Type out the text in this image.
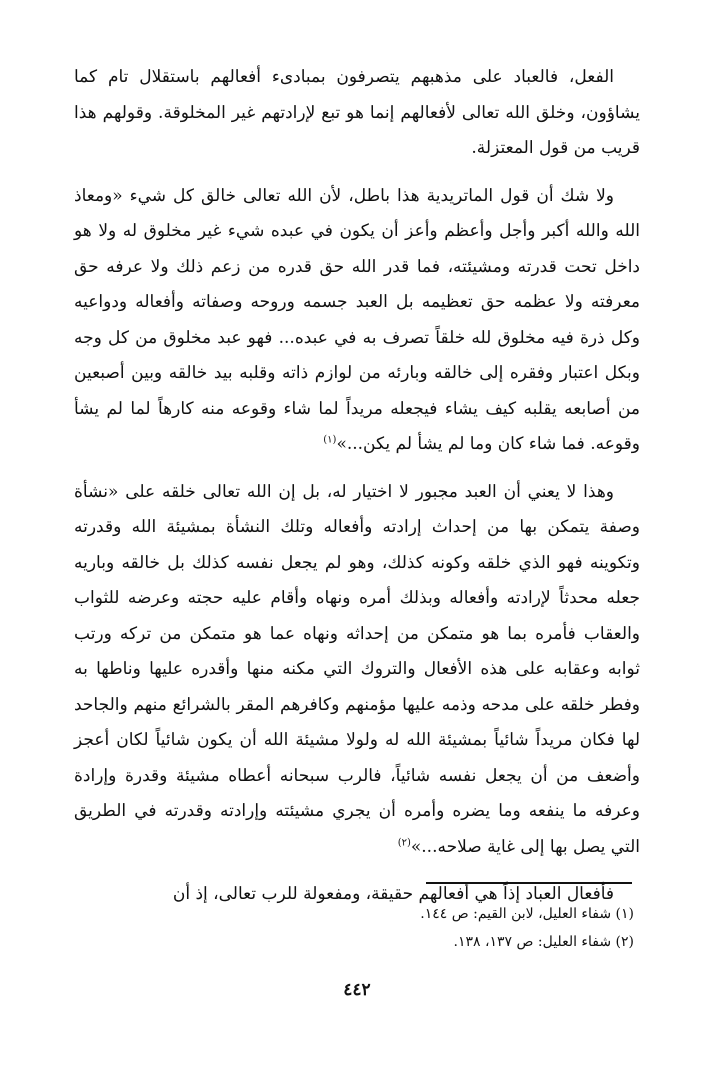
الفعل، فالعباد على مذهبهم يتصرفون بمبادىء أفعالهم باستقلال تام كما يشاؤون، وخلق الله تعالى لأفعالهم إنما هو تبع لإرادتهم غير المخلوقة. وقولهم هذا قريب من قول المعتزلة.

ولا شك أن قول الماتريدية هذا باطل، لأن الله تعالى خالق كل شيء «ومعاذ الله والله أكبر وأجل وأعظم وأعز أن يكون في عبده شيء غير مخلوق له ولا هو داخل تحت قدرته ومشيئته، فما قدر الله حق قدره من زعم ذلك ولا عرفه حق معرفته ولا عظمه حق تعظيمه بل العبد جسمه وروحه وصفاته وأفعاله ودواعيه وكل ذرة فيه مخلوق لله خلقاً تصرف به في عبده... فهو عبد مخلوق من كل وجه وبكل اعتبار وفقره إلى خالقه وبارئه من لوازم ذاته وقلبه بيد خالقه وبين أصبعين من أصابعه يقلبه كيف يشاء فيجعله مريداً لما شاء وقوعه منه كارهاً لما لم يشأ وقوعه. فما شاء كان وما لم يشأ لم يكن...»$^{(١)}$

وهذا لا يعني أن العبد مجبور لا اختيار له، بل إن الله تعالى خلقه على «نشأة وصفة يتمكن بها من إحداث إرادته وأفعاله وتلك النشأة بمشيئة الله وقدرته وتكوينه فهو الذي خلقه وكونه كذلك، وهو لم يجعل نفسه كذلك بل خالقه وباريه جعله محدثاً لإرادته وأفعاله وبذلك أمره ونهاه وأقام عليه حجته وعرضه للثواب والعقاب فأمره بما هو متمكن من إحداثه ونهاه عما هو متمكن من تركه ورتب ثوابه وعقابه على هذه الأفعال والتروك التي مكنه منها وأقدره عليها وناطها به وفطر خلقه على مدحه وذمه عليها مؤمنهم وكافرهم المقر بالشرائع منهم والجاحد لها فكان مريداً شائياً بمشيئة الله له ولولا مشيئة الله أن يكون شائياً لكان أعجز وأضعف من أن يجعل نفسه شائياً، فالرب سبحانه أعطاه مشيئة وقدرة وإرادة وعرفه ما ينفعه وما يضره وأمره أن يجري مشيئته وإرادته وقدرته في الطريق التي يصل بها إلى غاية صلاحه...»$^{(٢)}$

فأفعال العباد إذاً هي أفعالهم حقيقة، ومفعولة للرب تعالى، إذ أن

(١) شفاء العليل، لابن القيم: ص ١٤٤.

(٢) شفاء العليل: ص ١٣٧، ١٣٨.

٤٤٢
